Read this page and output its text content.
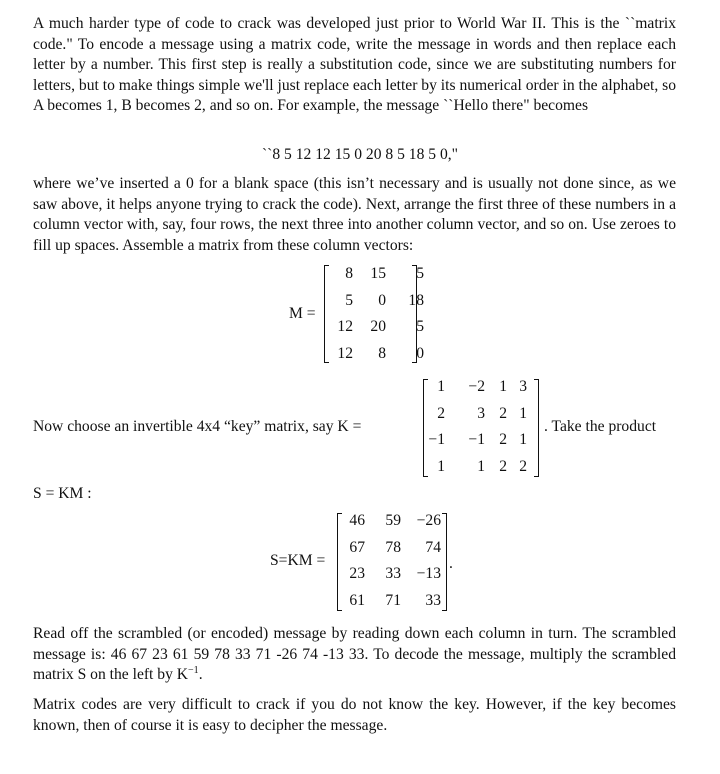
A much harder type of code to crack was developed just prior to World War II. This is the ``matrix code." To encode a message using a matrix code, write the message in words and then replace each letter by a number. This first step is really a substitution code, since we are substituting numbers for letters, but to make things simple we'll just replace each letter by its numerical order in the alphabet, so A becomes 1, B becomes 2, and so on. For example, the message ``Hello there" becomes

``8 5 12 12 15 0 20 8 5 18 5 0,"

where we’ve inserted a 0 for a blank space (this isn’t necessary and is usually not done since, as we saw above, it helps anyone trying to crack the code). Next, arrange the first three of these numbers in a column vector with, say, four rows, the next three into another column vector, and so on. Use zeroes to fill up spaces. Assemble a matrix from these column vectors:

M =
8	15	5
5	0	18
12	20	5
12	8	0
Now choose an invertible 4x4 “key” matrix, say K =
1	−2 1 3
2	3 2 1
−1	−1 2 1
1	1 2 2
. Take the product
S = KM :
S=KM =
46	59	−26
67	78	74
23	33	−13
61	71	33
.

Read off the scrambled (or encoded) message by reading down each column in turn. The scrambled message is: 46 67 23 61 59 78 33 71 -26 74 -13 33. To decode the message, multiply the scrambled matrix S on the left by $K^{-1}$.

Matrix codes are very difficult to crack if you do not know the key. However, if the key becomes known, then of course it is easy to decipher the message.
